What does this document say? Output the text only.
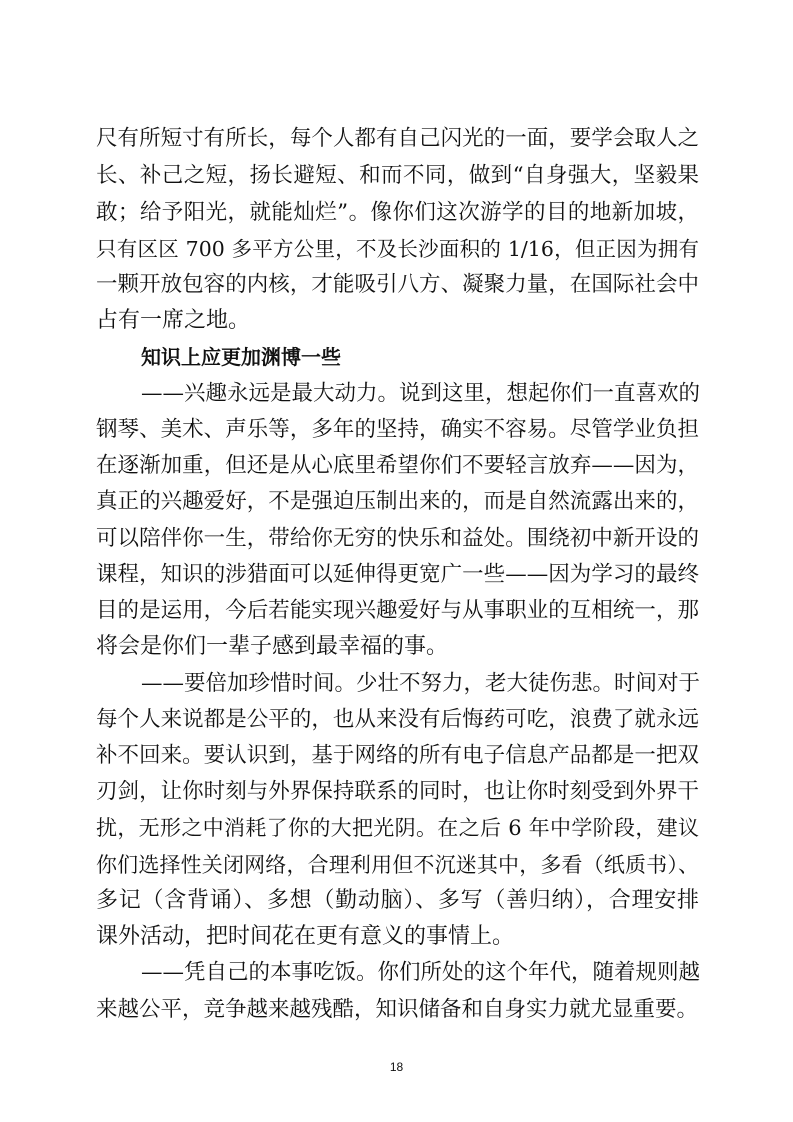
尺有所短寸有所长，每个人都有自己闪光的一面，要学会取人之
长、补己之短，扬长避短、和而不同，做到“自身强大，坚毅果
敢；给予阳光，就能灿烂”。像你们这次游学的目的地新加坡，
只有区区 700 多平方公里，不及长沙面积的 1/16，但正因为拥有
一颗开放包容的内核，才能吸引八方、凝聚力量，在国际社会中
占有一席之地。
知识上应更加渊博一些
——兴趣永远是最大动力。说到这里，想起你们一直喜欢的
钢琴、美术、声乐等，多年的坚持，确实不容易。尽管学业负担
在逐渐加重，但还是从心底里希望你们不要轻言放弃——因为，
真正的兴趣爱好，不是强迫压制出来的，而是自然流露出来的，
可以陪伴你一生，带给你无穷的快乐和益处。围绕初中新开设的
课程，知识的涉猎面可以延伸得更宽广一些——因为学习的最终
目的是运用，今后若能实现兴趣爱好与从事职业的互相统一，那
将会是你们一辈子感到最幸福的事。
——要倍加珍惜时间。少壮不努力，老大徒伤悲。时间对于
每个人来说都是公平的，也从来没有后悔药可吃，浪费了就永远
补不回来。要认识到，基于网络的所有电子信息产品都是一把双
刃剑，让你时刻与外界保持联系的同时，也让你时刻受到外界干
扰，无形之中消耗了你的大把光阴。在之后 6 年中学阶段，建议
你们选择性关闭网络，合理利用但不沉迷其中，多看（纸质书）、
多记（含背诵）、多想（勤动脑）、多写（善归纳），合理安排
课外活动，把时间花在更有意义的事情上。
——凭自己的本事吃饭。你们所处的这个年代，随着规则越
来越公平，竞争越来越残酷，知识储备和自身实力就尤显重要。
18
